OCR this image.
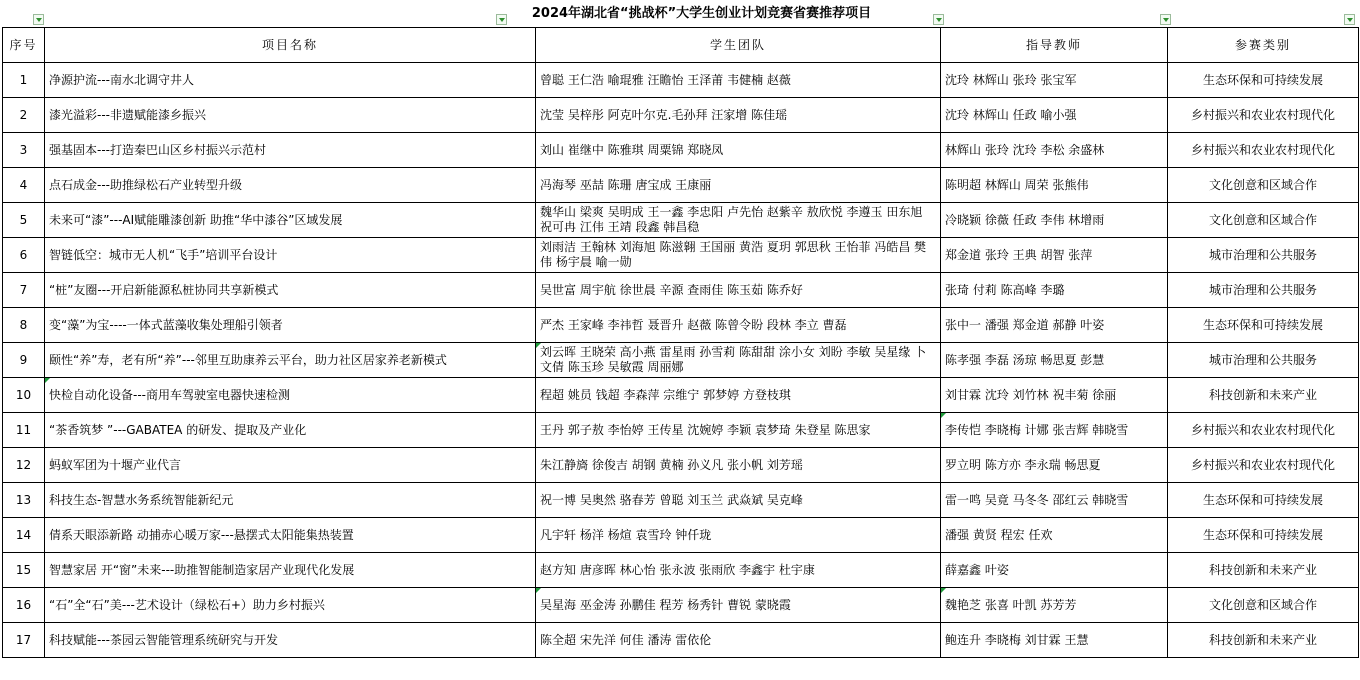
	2024年湖北省“挑战杯”大学生创业计划竞赛省赛推荐项目			

序号	项目名称	学生团队	指导教师	参赛类别
1	净源护流---南水北调守井人	曾聪 王仁浩 喻琨雅 汪瞻怡 王泽莆 韦健楠 赵薇	沈玲 林辉山 张玲 张宝军	生态环保和可持续发展
2	漆光溢彩---非遗赋能漆乡振兴	沈莹 吴梓彤 阿克叶尔克.毛孙拜 汪家增 陈佳瑶	沈玲 林辉山 任政 喻小强	乡村振兴和农业农村现代化
3	强基固本---打造秦巴山区乡村振兴示范村	刘山 崔继中 陈雅琪 周粟锦 郑晓凤	林辉山 张玲 沈玲 李松 余盛林	乡村振兴和农业农村现代化
4	点石成金---助推绿松石产业转型升级	冯海琴 巫喆 陈珊 唐宝成 王康丽	陈明超 林辉山 周荣 张熊伟	文化创意和区域合作
5	未来可“漆”---AI赋能雕漆创新 助推“华中漆谷”区域发展	魏华山 梁爽 吴明成 王一鑫 李忠阳 卢先怡 赵紫辛 敖欣悦 李遵玉 田东旭 祝可冉 江伟 王靖 段鑫 韩昌稳	冷晓颖 徐薇 任政 李伟 林增雨	文化创意和区域合作
6	智链低空：城市无人机“飞手”培训平台设计	刘雨洁 王翰林 刘海旭 陈滋翱 王国丽 黄浩 夏玥 郭思秋 王怡菲 冯皓昌 樊伟 杨宇晨 喻一勋	郑金道 张玲 王典 胡智 张萍	城市治理和公共服务
7	“桩”友圈---开启新能源私桩协同共享新模式	吴世富 周宇航 徐世晨 辛源 查雨佳 陈玉茹 陈乔好	张琦 付莉 陈高峰 李璐	城市治理和公共服务
8	变“藻”为宝----一体式蓝藻收集处理船引领者	严杰 王家峰 李祎哲 聂晋升 赵薇 陈曾令盼 段林 李立 曹磊	张中一 潘强 郑金道 郝静 叶姿	生态环保和可持续发展
9	颐性“养”寿，老有所“养”---邻里互助康养云平台，助力社区居家养老新模式	刘云晖 王晓荣 高小燕 雷星雨 孙雪莉 陈甜甜 涂小女 刘盼 李敏 吴星缘 卜文倩 陈玉珍 吴敏霞 周丽娜	陈孝强 李磊 汤琼 畅思夏 彭慧	城市治理和公共服务
10	快检自动化设备---商用车驾驶室电器快速检测	程超 姚员 钱超 李森萍 宗维宁 郭梦婷 方登枝琪	刘甘霖 沈玲 刘竹林 祝丰菊 徐丽	科技创新和未来产业
11	“茶香筑梦 ”---GABATEA 的研发、提取及产业化	王丹 郭子敖 李怡婷 王传星 沈婉婷 李颖 袁梦琦 朱登星 陈思家	李传恺 李晓梅 计娜 张吉辉 韩晓雪	乡村振兴和农业农村现代化
12	蚂蚁军团为十堰产业代言	朱江静旖 徐俊吉 胡钢 黄楠 孙义凡 张小帆 刘芳瑶	罗立明 陈方亦 李永瑞 畅思夏	乡村振兴和农业农村现代化
13	科技生态-智慧水务系统智能新纪元	祝一博 吴奥然 骆春芳 曾聪 刘玉兰 武焱斌 吴克峰	雷一鸣 吴竟 马冬冬 邵红云 韩晓雪	生态环保和可持续发展
14	倩系天眼添新路 动捕赤心暖万家---悬摆式太阳能集热装置	凡宇轩 杨洋 杨煊 袁雪玲 钟仟珑	潘强 黄贤 程宏 任欢	生态环保和可持续发展
15	智慧家居 开“窗”未来---助推智能制造家居产业现代化发展	赵方知 唐彦晖 林心怡 张永波 张雨欣 李鑫宇 杜宇康	薛嘉鑫 叶姿	科技创新和未来产业
16	“石”全“石”美---艺术设计（绿松石+）助力乡村振兴	吴星海 巫金涛 孙鹏佳 程芳 杨秀针 曹锐 蒙晓霞	魏艳芝 张喜 叶凯 苏芳芳	文化创意和区域合作
17	科技赋能---茶园云智能管理系统研究与开发	陈全超 宋先洋 何佳 潘涛 雷依伦	鲍连升 李晓梅 刘甘霖 王慧	科技创新和未来产业
